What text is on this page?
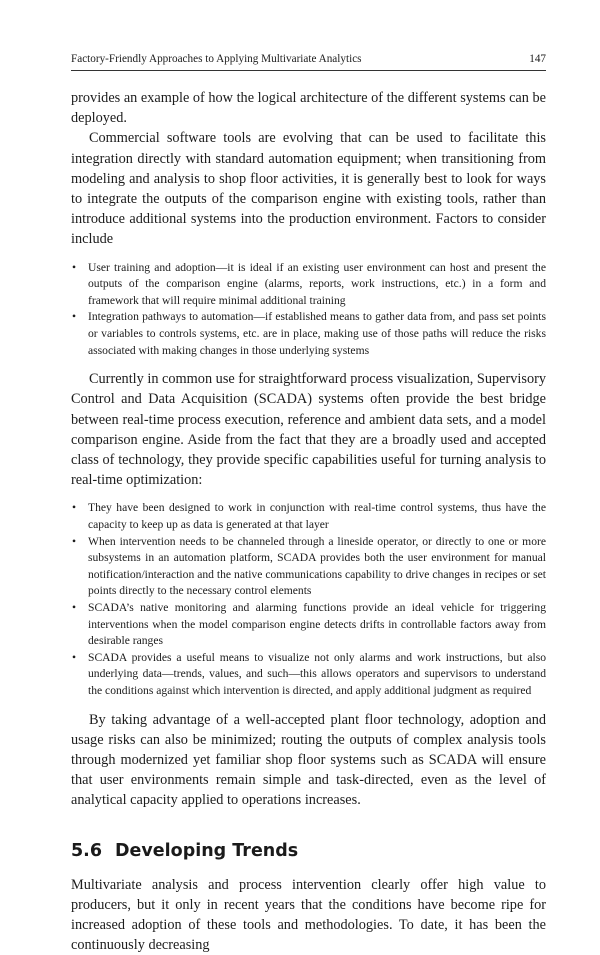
Factory-Friendly Approaches to Applying Multivariate Analytics	147

provides an example of how the logical architecture of the different systems can be deployed.

Commercial software tools are evolving that can be used to facilitate this integration directly with standard automation equipment; when transitioning from modeling and analysis to shop floor activities, it is generally best to look for ways to integrate the outputs of the comparison engine with existing tools, rather than introduce additional systems into the production environment. Factors to consider include

• User training and adoption—it is ideal if an existing user environment can host and present the outputs of the comparison engine (alarms, reports, work instructions, etc.) in a form and framework that will require minimal additional training
• Integration pathways to automation—if established means to gather data from, and pass set points or variables to controls systems, etc. are in place, making use of those paths will reduce the risks associated with making changes in those underlying systems

Currently in common use for straightforward process visualization, Supervisory Control and Data Acquisition (SCADA) systems often provide the best bridge between real-time process execution, reference and ambient data sets, and a model comparison engine. Aside from the fact that they are a broadly used and accepted class of technology, they provide specific capabilities useful for turning analysis to real-time optimization:

• They have been designed to work in conjunction with real-time control systems, thus have the capacity to keep up as data is generated at that layer
• When intervention needs to be channeled through a lineside operator, or directly to one or more subsystems in an automation platform, SCADA provides both the user environment for manual notification/interaction and the native communications capability to drive changes in recipes or set points directly to the necessary control elements
• SCADA’s native monitoring and alarming functions provide an ideal vehicle for triggering interventions when the model comparison engine detects drifts in controllable factors away from desirable ranges
• SCADA provides a useful means to visualize not only alarms and work instructions, but also underlying data—trends, values, and such—this allows operators and supervisors to understand the conditions against which intervention is directed, and apply additional judgment as required

By taking advantage of a well-accepted plant floor technology, adoption and usage risks can also be minimized; routing the outputs of complex analysis tools through modernized yet familiar shop floor systems such as SCADA will ensure that user environments remain simple and task-directed, even as the level of analytical capacity applied to operations increases.

5.6 Developing Trends

Multivariate analysis and process intervention clearly offer high value to producers, but it only in recent years that the conditions have become ripe for increased adoption of these tools and methodologies. To date, it has been the continuously decreasing
